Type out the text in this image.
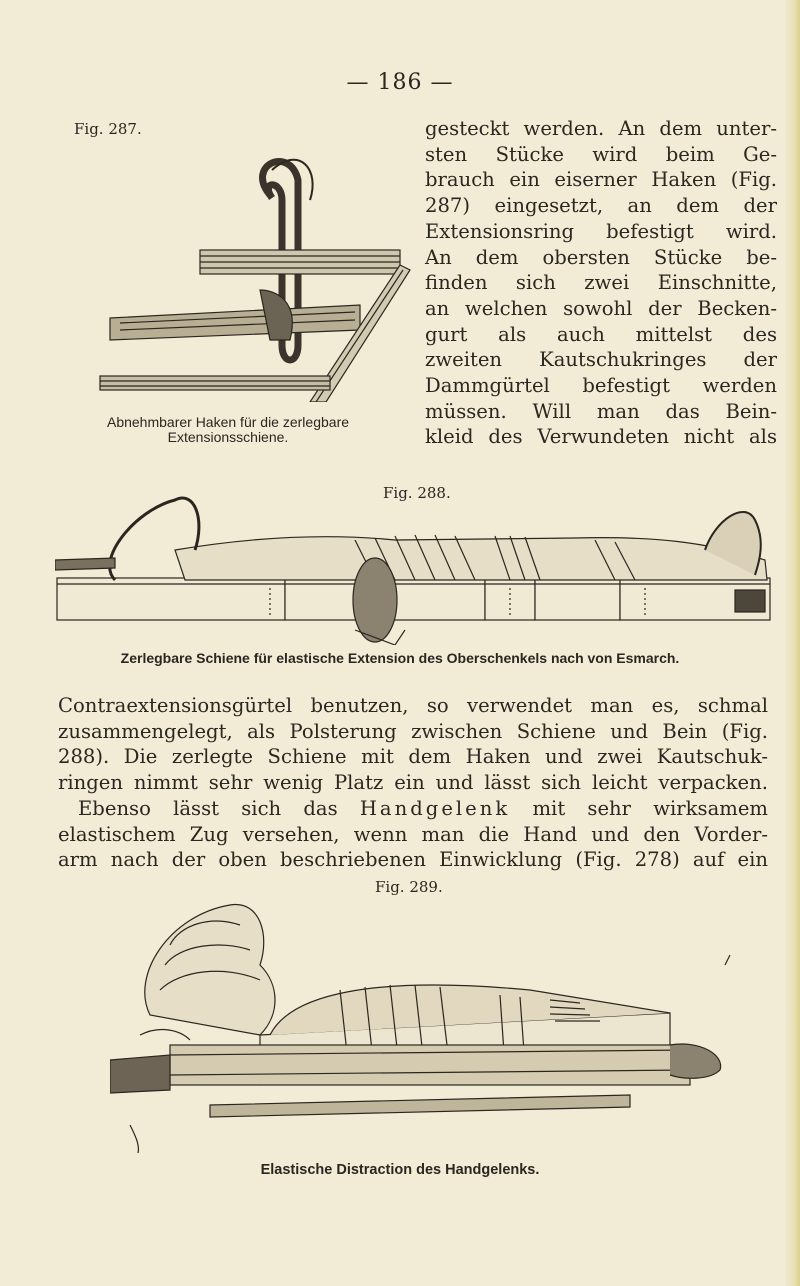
— 186 —
Fig. 287.
Abnehmbarer Haken für die zerlegbare
Extensionsschiene.
gesteckt werden. An dem unter-
sten Stücke wird beim Ge-
brauch ein eiserner Haken (Fig.
287) eingesetzt, an dem der
Extensionsring befestigt wird.
An dem obersten Stücke be-
finden sich zwei Einschnitte,
an welchen sowohl der Becken-
gurt als auch mittelst des
zweiten Kautschukringes der
Dammgürtel befestigt werden
müssen. Will man das Bein-
kleid des Verwundeten nicht als
Fig. 288.
Zerlegbare Schiene für elastische Extension des Oberschenkels nach von Esmarch.
Contraextensionsgürtel benutzen, so verwendet man es, schmal
zusammengelegt, als Polsterung zwischen Schiene und Bein (Fig.
288). Die zerlegte Schiene mit dem Haken und zwei Kautschuk-
ringen nimmt sehr wenig Platz ein und lässt sich leicht verpacken.
Ebenso lässt sich das Handgelenk mit sehr wirksamem
elastischem Zug versehen, wenn man die Hand und den Vorder-
arm nach der oben beschriebenen Einwicklung (Fig. 278) auf ein
Fig. 289.
Elastische Distraction des Handgelenks.
